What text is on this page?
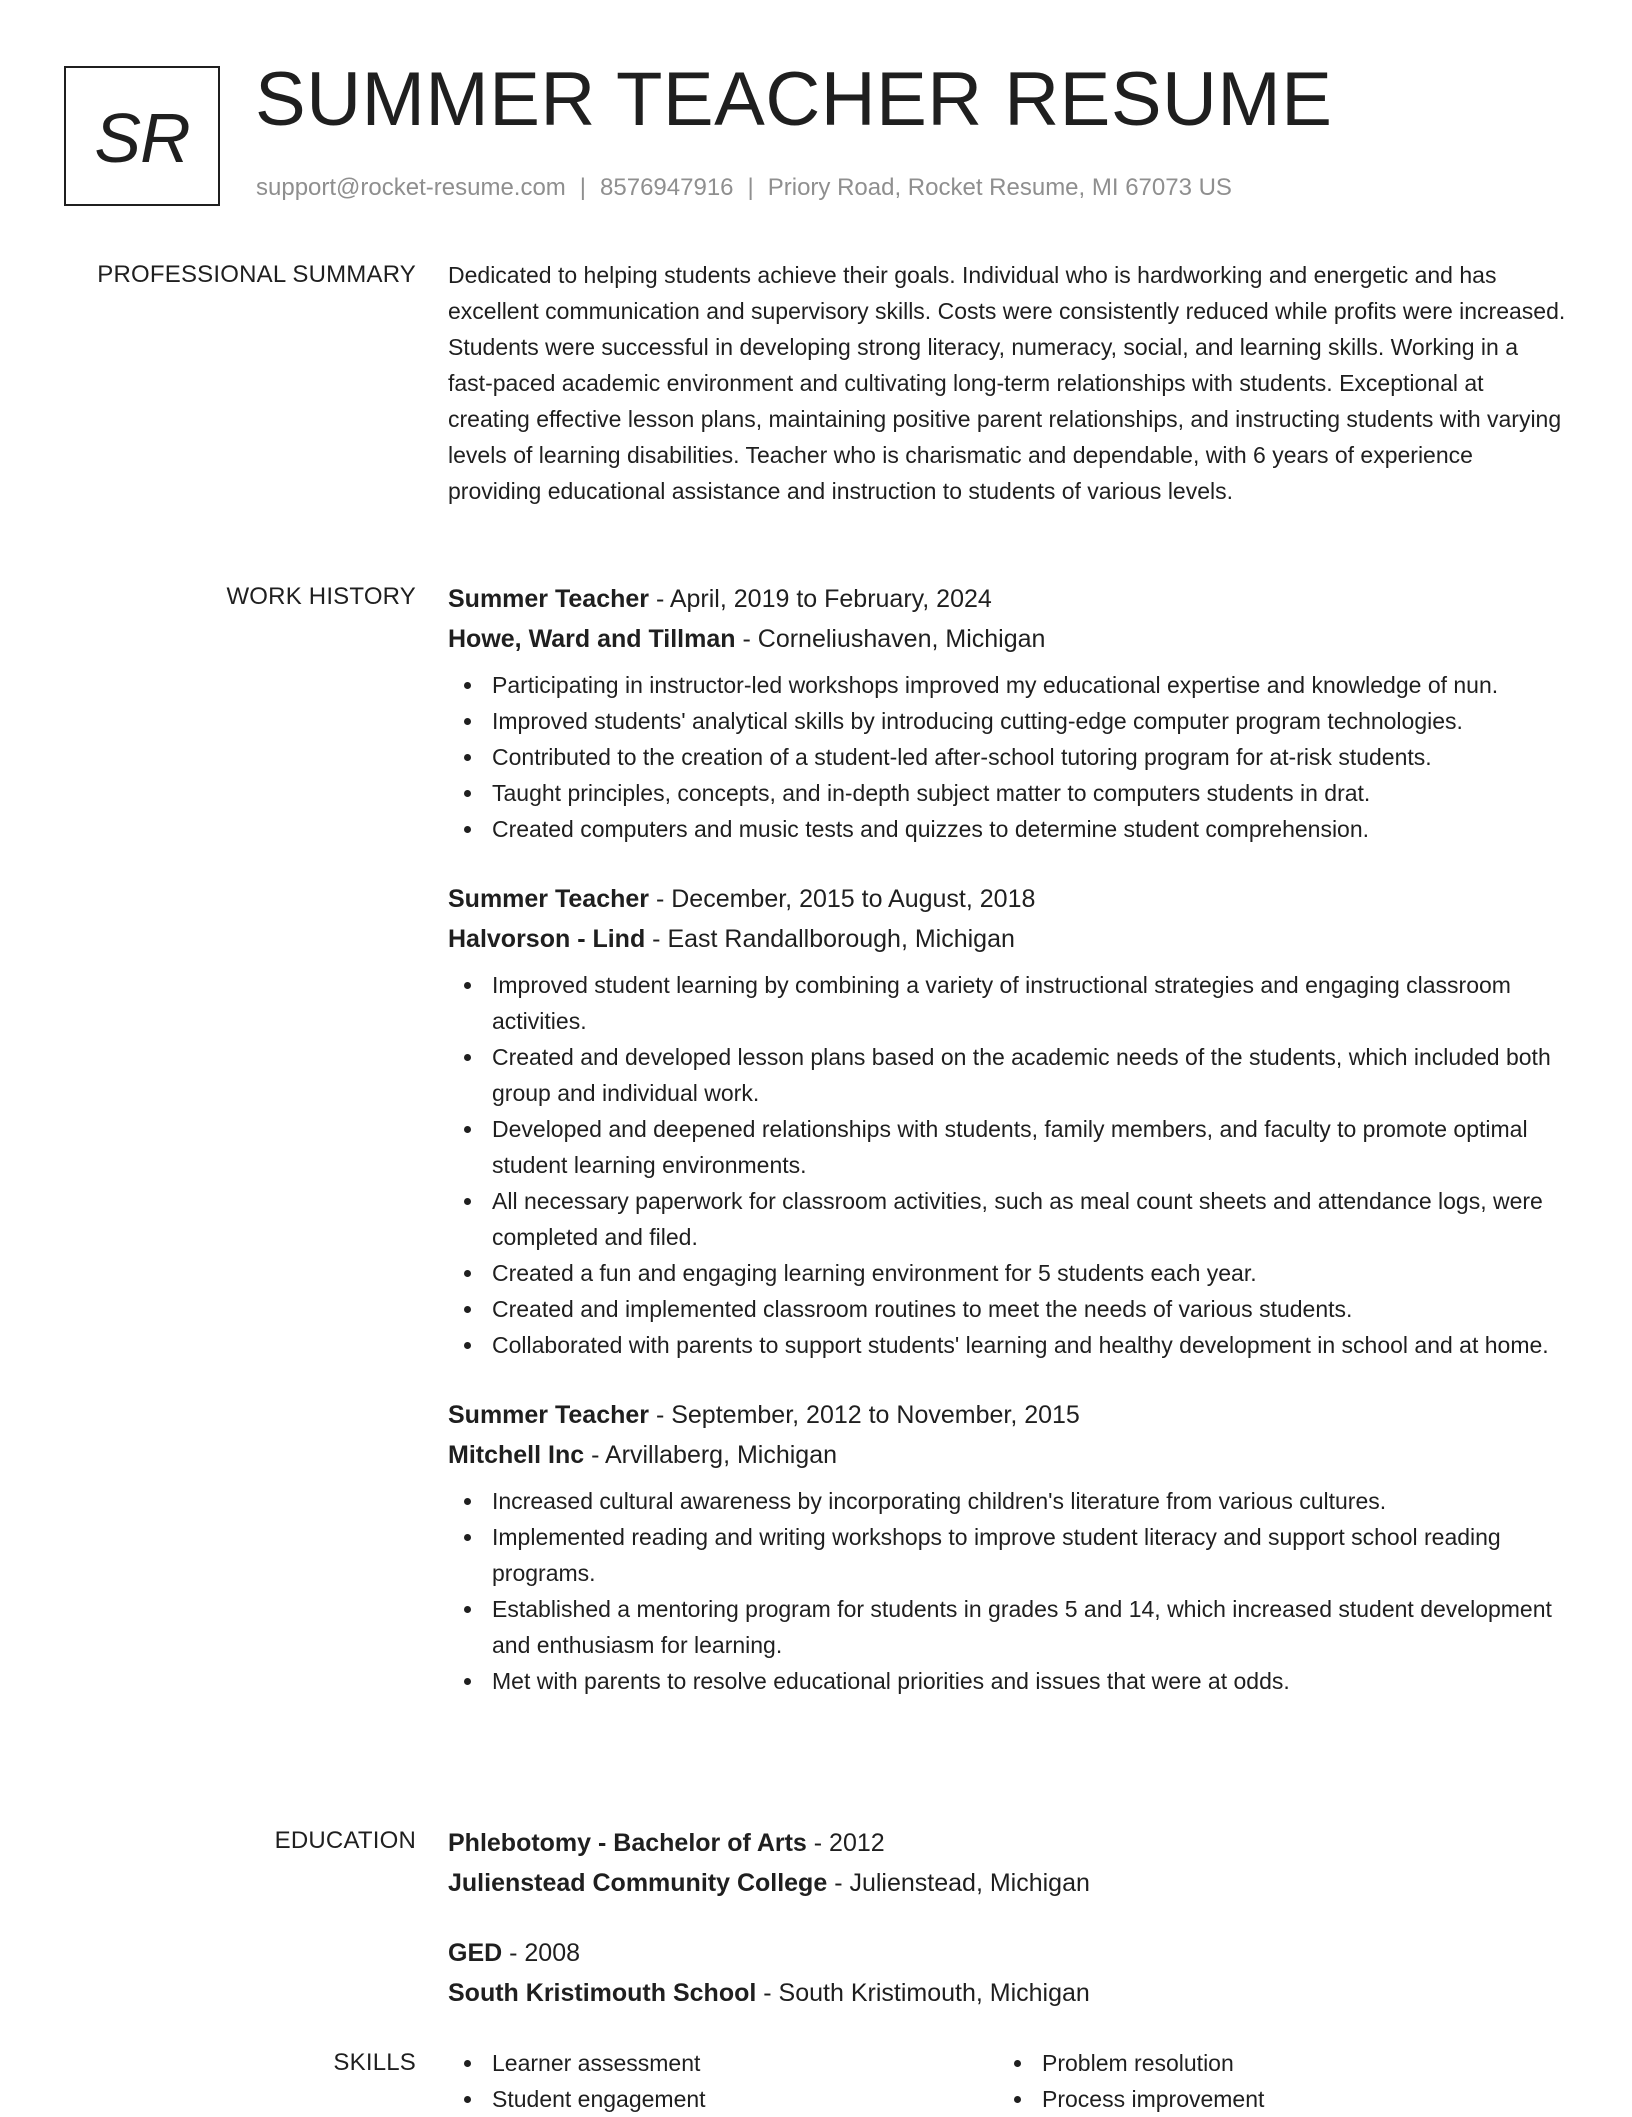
SR SUMMER TEACHER RESUME
support@rocket-resume.com | 8576947916 | Priory Road, Rocket Resume, MI 67073 US
PROFESSIONAL SUMMARY Dedicated to helping students achieve their goals. Individual who is hardworking and energetic and has excellent communication and supervisory skills. Costs were consistently reduced while profits were increased. Students were successful in developing strong literacy, numeracy, social, and learning skills. Working in a fast-paced academic environment and cultivating long-term relationships with students. Exceptional at creating effective lesson plans, maintaining positive parent relationships, and instructing students with varying levels of learning disabilities. Teacher who is charismatic and dependable, with 6 years of experience providing educational assistance and instruction to students of various levels.

WORK HISTORY Summer Teacher - April, 2019 to February, 2024
Howe, Ward and Tillman - Corneliushaven, Michigan
Participating in instructor-led workshops improved my educational expertise and knowledge of nun.
Improved students' analytical skills by introducing cutting-edge computer program technologies.
Contributed to the creation of a student-led after-school tutoring program for at-risk students.
Taught principles, concepts, and in-depth subject matter to computers students in drat.
Created computers and music tests and quizzes to determine student comprehension.
Summer Teacher - December, 2015 to August, 2018
Halvorson - Lind - East Randallborough, Michigan
Improved student learning by combining a variety of instructional strategies and engaging classroom activities.
Created and developed lesson plans based on the academic needs of the students, which included both group and individual work.
Developed and deepened relationships with students, family members, and faculty to promote optimal student learning environments.
All necessary paperwork for classroom activities, such as meal count sheets and attendance logs, were completed and filed.
Created a fun and engaging learning environment for 5 students each year.
Created and implemented classroom routines to meet the needs of various students.
Collaborated with parents to support students' learning and healthy development in school and at home.
Summer Teacher - September, 2012 to November, 2015
Mitchell Inc - Arvillaberg, Michigan
Increased cultural awareness by incorporating children's literature from various cultures.
Implemented reading and writing workshops to improve student literacy and support school reading programs.
Established a mentoring program for students in grades 5 and 14, which increased student development and enthusiasm for learning.
Met with parents to resolve educational priorities and issues that were at odds.
EDUCATION Phlebotomy - Bachelor of Arts - 2012
Julienstead Community College - Julienstead, Michigan
GED - 2008
South Kristimouth School - South Kristimouth, Michigan
SKILLS	Learner assessment
Student engagement
Problem resolution
Process improvement
